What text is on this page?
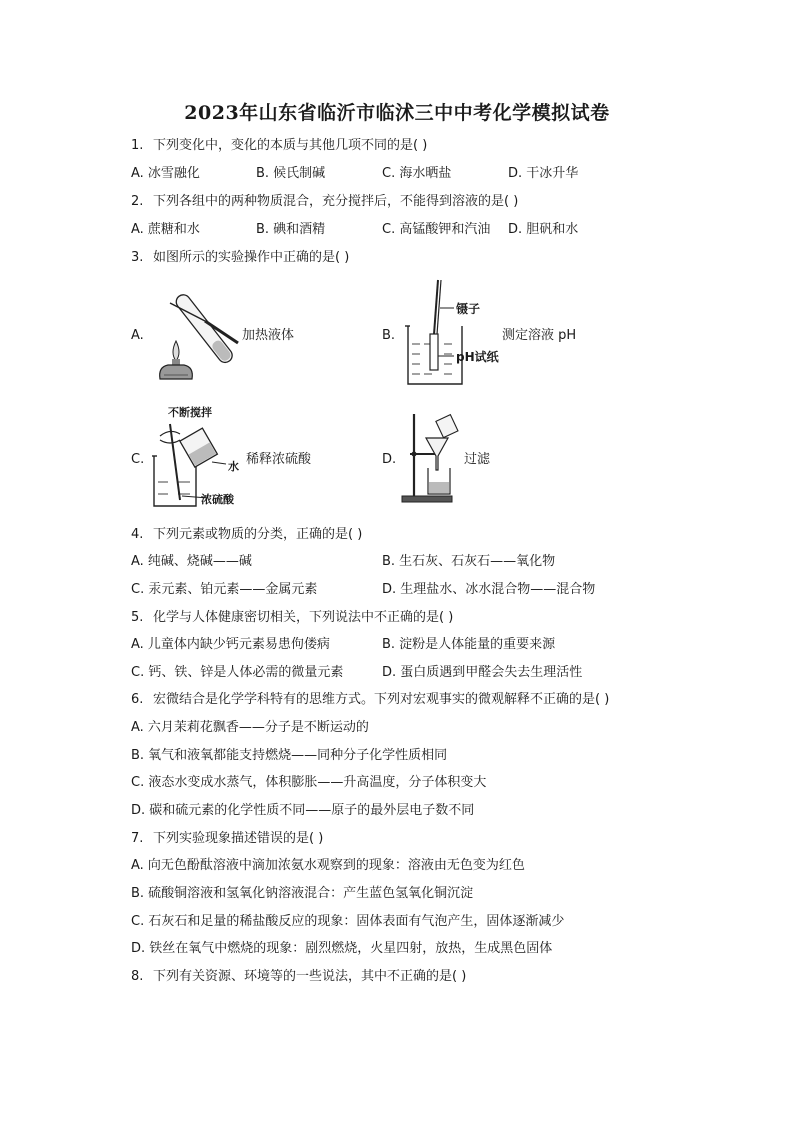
2023年山东省临沂市临沭三中中考化学模拟试卷
1. 下列变化中，变化的本质与其他几项不同的是( )
A. 冰雪融化	B. 候氏制碱	C. 海水晒盐	D. 干冰升华
2. 下列各组中的两种物质混合，充分搅拌后，不能得到溶液的是( )
A. 蔗糖和水	B. 碘和酒精	C. 高锰酸钾和汽油 D. 胆矾和水
3. 如图所示的实验操作中正确的是( )
A.	加热液体	B.
镊子
pH试纸
测定溶液 pH
C.
不断搅拌
水
浓硫酸
稀释浓硫酸	D.	过滤
4. 下列元素或物质的分类，正确的是( )
A. 纯碱、烧碱——碱	B. 生石灰、石灰石——氧化物
C. 汞元素、铂元素——金属元素	D. 生理盐水、冰水混合物——混合物
5. 化学与人体健康密切相关，下列说法中不正确的是( )
A. 儿童体内缺少钙元素易患佝偻病	B. 淀粉是人体能量的重要来源
C. 钙、铁、锌是人体必需的微量元素	D. 蛋白质遇到甲醛会失去生理活性
6. 宏微结合是化学学科特有的思维方式。下列对宏观事实的微观解释不正确的是( )
A. 六月茉莉花飘香——分子是不断运动的
B. 氧气和液氧都能支持燃烧——同种分子化学性质相同
C. 液态水变成水蒸气，体积膨胀——升高温度，分子体积变大
D. 碳和硫元素的化学性质不同——原子的最外层电子数不同
7. 下列实验现象描述错误的是( )
A. 向无色酚酞溶液中滴加浓氨水观察到的现象：溶液由无色变为红色
B. 硫酸铜溶液和氢氧化钠溶液混合：产生蓝色氢氧化铜沉淀
C. 石灰石和足量的稀盐酸反应的现象：固体表面有气泡产生，固体逐渐减少
D. 铁丝在氧气中燃烧的现象：剧烈燃烧，火星四射，放热，生成黑色固体
8. 下列有关资源、环境等的一些说法，其中不正确的是( )
